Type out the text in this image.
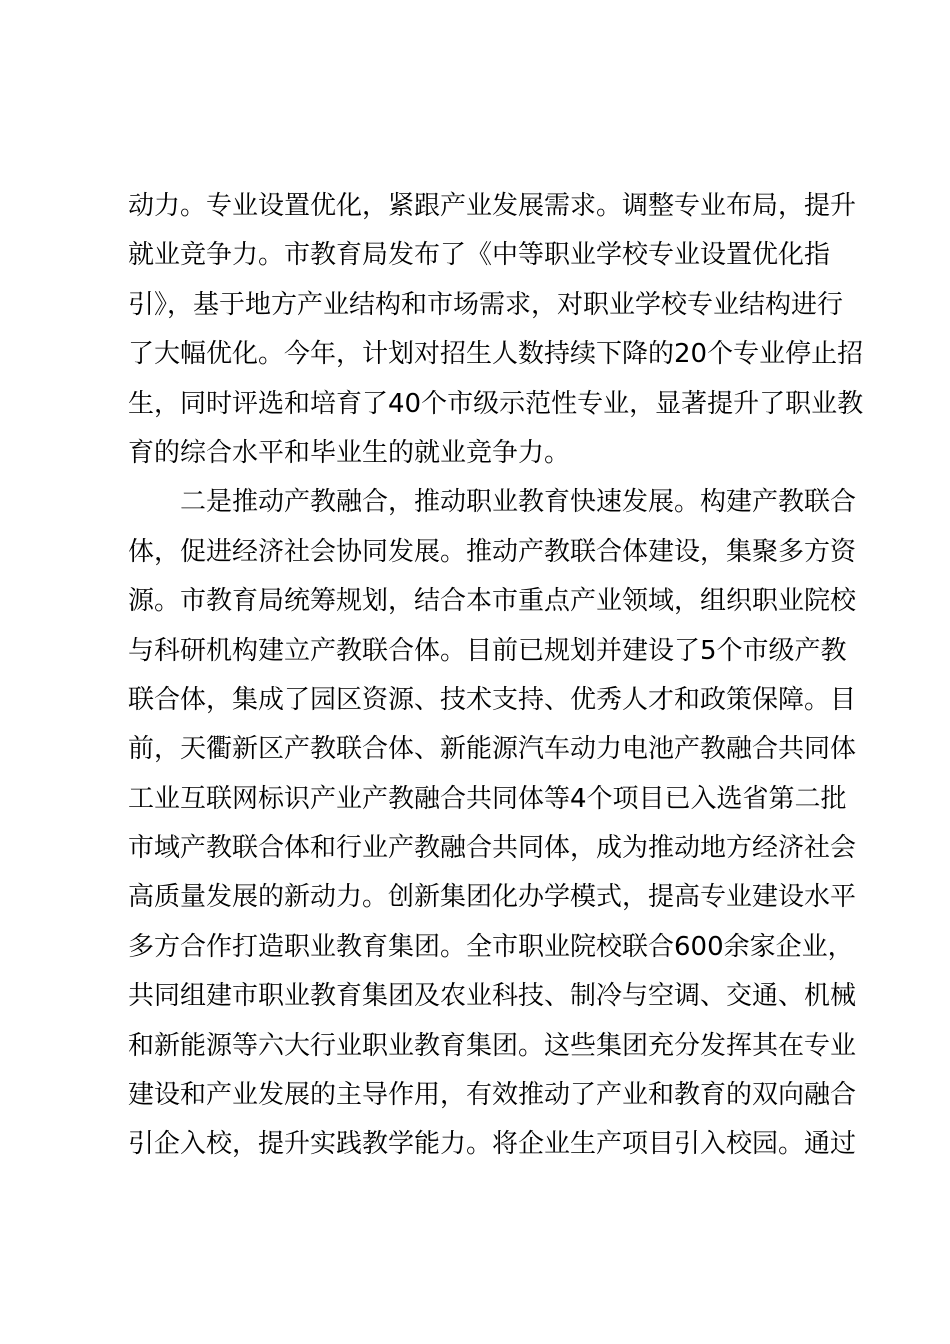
动力。专业设置优化，紧跟产业发展需求。调整专业布局，提升
就业竞争力。市教育局发布了《中等职业学校专业设置优化指
引》，基于地方产业结构和市场需求，对职业学校专业结构进行
了大幅优化。今年，计划对招生人数持续下降的20个专业停止招
生，同时评选和培育了40个市级示范性专业，显著提升了职业教
育的综合水平和毕业生的就业竞争力。
二是推动产教融合，推动职业教育快速发展。构建产教联合
体，促进经济社会协同发展。推动产教联合体建设，集聚多方资
源。市教育局统筹规划，结合本市重点产业领域，组织职业院校
与科研机构建立产教联合体。目前已规划并建设了5个市级产教
联合体，集成了园区资源、技术支持、优秀人才和政策保障。目
前，天衢新区产教联合体、新能源汽车动力电池产教融合共同体
工业互联网标识产业产教融合共同体等4个项目已入选省第二批
市域产教联合体和行业产教融合共同体，成为推动地方经济社会
高质量发展的新动力。创新集团化办学模式，提高专业建设水平
多方合作打造职业教育集团。全市职业院校联合600余家企业，
共同组建市职业教育集团及农业科技、制冷与空调、交通、机械
和新能源等六大行业职业教育集团。这些集团充分发挥其在专业
建设和产业发展的主导作用，有效推动了产业和教育的双向融合
引企入校，提升实践教学能力。将企业生产项目引入校园。通过
